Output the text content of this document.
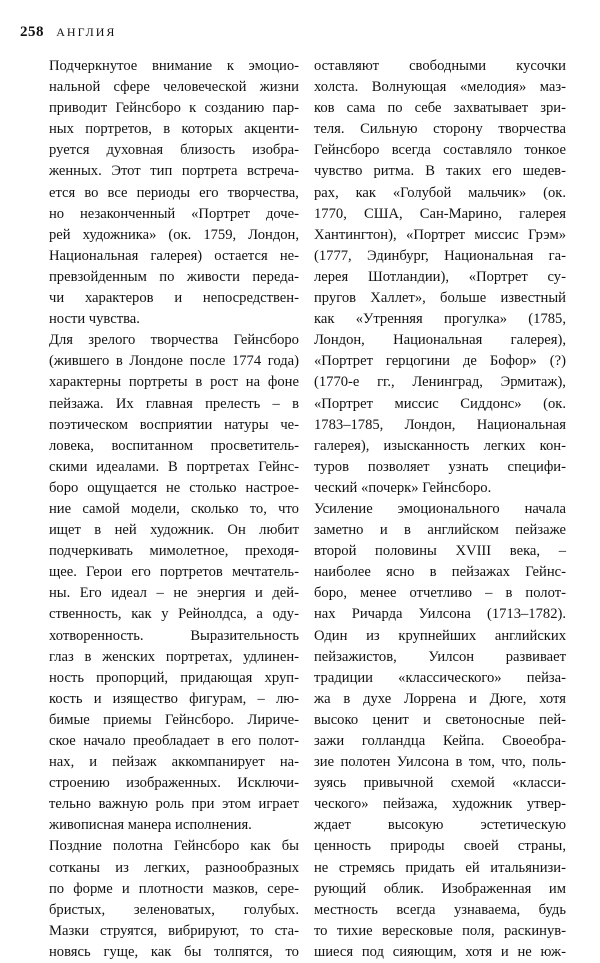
258 АНГЛИЯ
Подчеркнутое внимание к эмоцио-
нальной сфере человеческой жизни
приводит Гейнсборо к созданию пар-
ных портретов, в которых акценти-
руется духовная близость изобра-
женных. Этот тип портрета встреча-
ется во все периоды его творчества,
но незаконченный «Портрет доче-
рей художника» (ок. 1759, Лондон,
Национальная галерея) остается не-
превзойденным по живости переда-
чи характеров и непосредствен-
ности чувства.
Для зрелого творчества Гейнсборо
(жившего в Лондоне после 1774 года)
характерны портреты в рост на фоне
пейзажа. Их главная прелесть – в
поэтическом восприятии натуры че-
ловека, воспитанном просветитель-
скими идеалами. В портретах Гейнс-
боро ощущается не столько настрое-
ние самой модели, сколько то, что
ищет в ней художник. Он любит
подчеркивать мимолетное, преходя-
щее. Герои его портретов мечтатель-
ны. Его идеал – не энергия и дей-
ственность, как у Рейнолдса, а оду-
хотворенность.	Выразительность
глаз в женских портретах, удлинен-
ность пропорций, придающая хруп-
кость и изящество фигурам, – лю-
бимые приемы Гейнсборо. Лириче-
ское начало преобладает в его полот-
нах, и пейзаж аккомпанирует на-
строению изображенных. Исключи-
тельно важную роль при этом играет
живописная манера исполнения.
Поздние полотна Гейнсборо как бы
сотканы из легких, разнообразных
по форме и плотности мазков, сере-
бристых, зеленоватых, голубых.
Мазки струятся, вибрируют, то ста-
новясь гуще, как бы толпятся, то
оставляют свободными кусочки
холста. Волнующая «мелодия» маз-
ков сама по себе захватывает зри-
теля. Сильную сторону творчества
Гейнсборо всегда составляло тонкое
чувство ритма. В таких его шедев-
рах, как «Голубой мальчик» (ок.
1770, США, Сан-Марино, галерея
Хантингтон), «Портрет миссис Грэм»
(1777, Эдинбург, Национальная га-
лерея Шотландии), «Портрет су-
пругов Халлет», больше известный
как «Утренняя прогулка» (1785,
Лондон, Национальная галерея),
«Портрет герцогини де Бофор» (?)
(1770-е гг., Ленинград, Эрмитаж),
«Портрет миссис Сиддонс» (ок.
1783–1785, Лондон, Национальная
галерея), изысканность легких кон-
туров позволяет узнать специфи-
ческий «почерк» Гейнсборо.
Усиление эмоционального начала
заметно и в английском пейзаже
второй половины XVIII века, –
наиболее ясно в пейзажах Гейнс-
боро, менее отчетливо – в полот-
нах Ричарда Уилсона (1713–1782).
Один из крупнейших английских
пейзажистов, Уилсон развивает
традиции «классического» пейза-
жа в духе Лоррена и Дюге, хотя
высоко ценит и светоносные пей-
зажи голландца Кейпа. Своеобра-
зие полотен Уилсона в том, что, поль-
зуясь привычной схемой «класси-
ческого» пейзажа, художник утвер-
ждает	высокую	эстетическую
ценность природы своей страны,
не стремясь придать ей итальянизи-
рующий облик. Изображенная им
местность всегда узнаваема, будь
то тихие вересковые поля, раскинув-
шиеся под сияющим, хотя и не юж-
